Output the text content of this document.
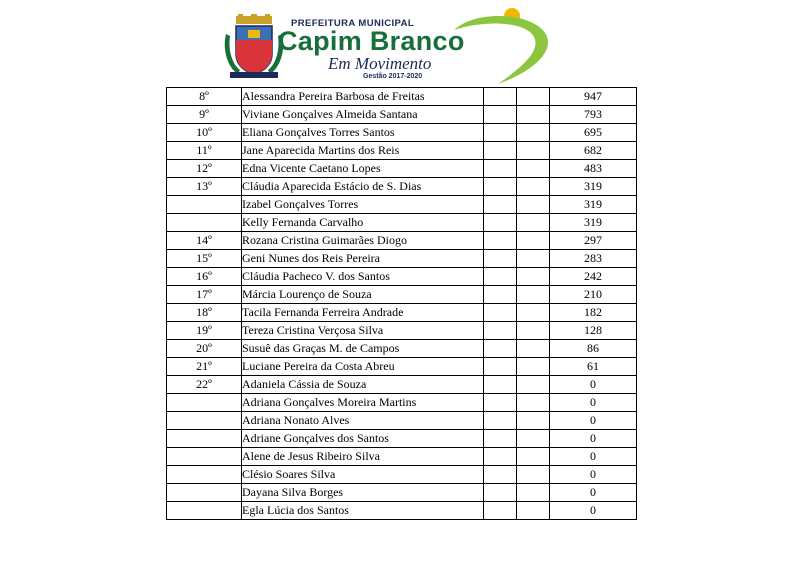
PREFEITURA MUNICIPAL
Capim Branco
Em Movimento
Gestão 2017-2020
8º	Alessandra Pereira Barbosa de Freitas			947
9º	Viviane Gonçalves Almeida Santana			793
10º	Eliana Gonçalves Torres Santos			695
11º	Jane Aparecida Martins dos Reis			682
12º	Edna Vicente Caetano Lopes			483
13º	Cláudia Aparecida Estácio de S. Dias			319
	Izabel Gonçalves Torres			319
	Kelly Fernanda Carvalho			319
14º	Rozana Cristina Guimarães Diogo			297
15º	Geni Nunes dos Reis Pereira			283
16º	Cláudia Pacheco V. dos Santos			242
17º	Márcia Lourenço de Souza			210
18º	Tacila Fernanda Ferreira Andrade			182
19º	Tereza Cristina Verçosa Silva			128
20º	Susuê das Graças M. de Campos			86
21º	Luciane Pereira da Costa Abreu			61
22º	Adaniela Cássia de Souza			0
	Adriana Gonçalves Moreira Martins			0
	Adriana Nonato Alves			0
	Adriane Gonçalves dos Santos			0
	Alene de Jesus Ribeiro Silva			0
	Clésio Soares Silva			0
	Dayana Silva Borges			0
	Egla Lúcia dos Santos			0
